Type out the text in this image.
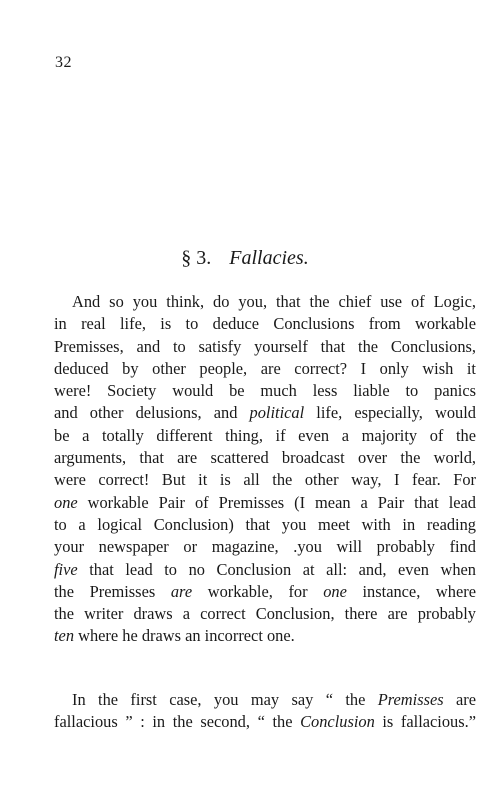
32
§ 3. Fallacies.
And so you think, do you, that the chief use of Logic,
in real life, is to deduce Conclusions from workable
Premisses, and to satisfy yourself that the Conclusions,
deduced by other people, are correct? I only wish it
were! Society would be much less liable to panics
and other delusions, and political life, especially, would
be a totally different thing, if even a majority of the
arguments, that are scattered broadcast over the world,
were correct! But it is all the other way, I fear. For
one workable Pair of Premisses (I mean a Pair that lead
to a logical Conclusion) that you meet with in reading
your newspaper or magazine, .you will probably find
five that lead to no Conclusion at all: and, even when
the Premisses are workable, for one instance, where
the writer draws a correct Conclusion, there are probably
ten where he draws an incorrect one.
In the first case, you may say “ the Premisses are
fallacious ” : in the second, “ the Conclusion is fallacious.”
